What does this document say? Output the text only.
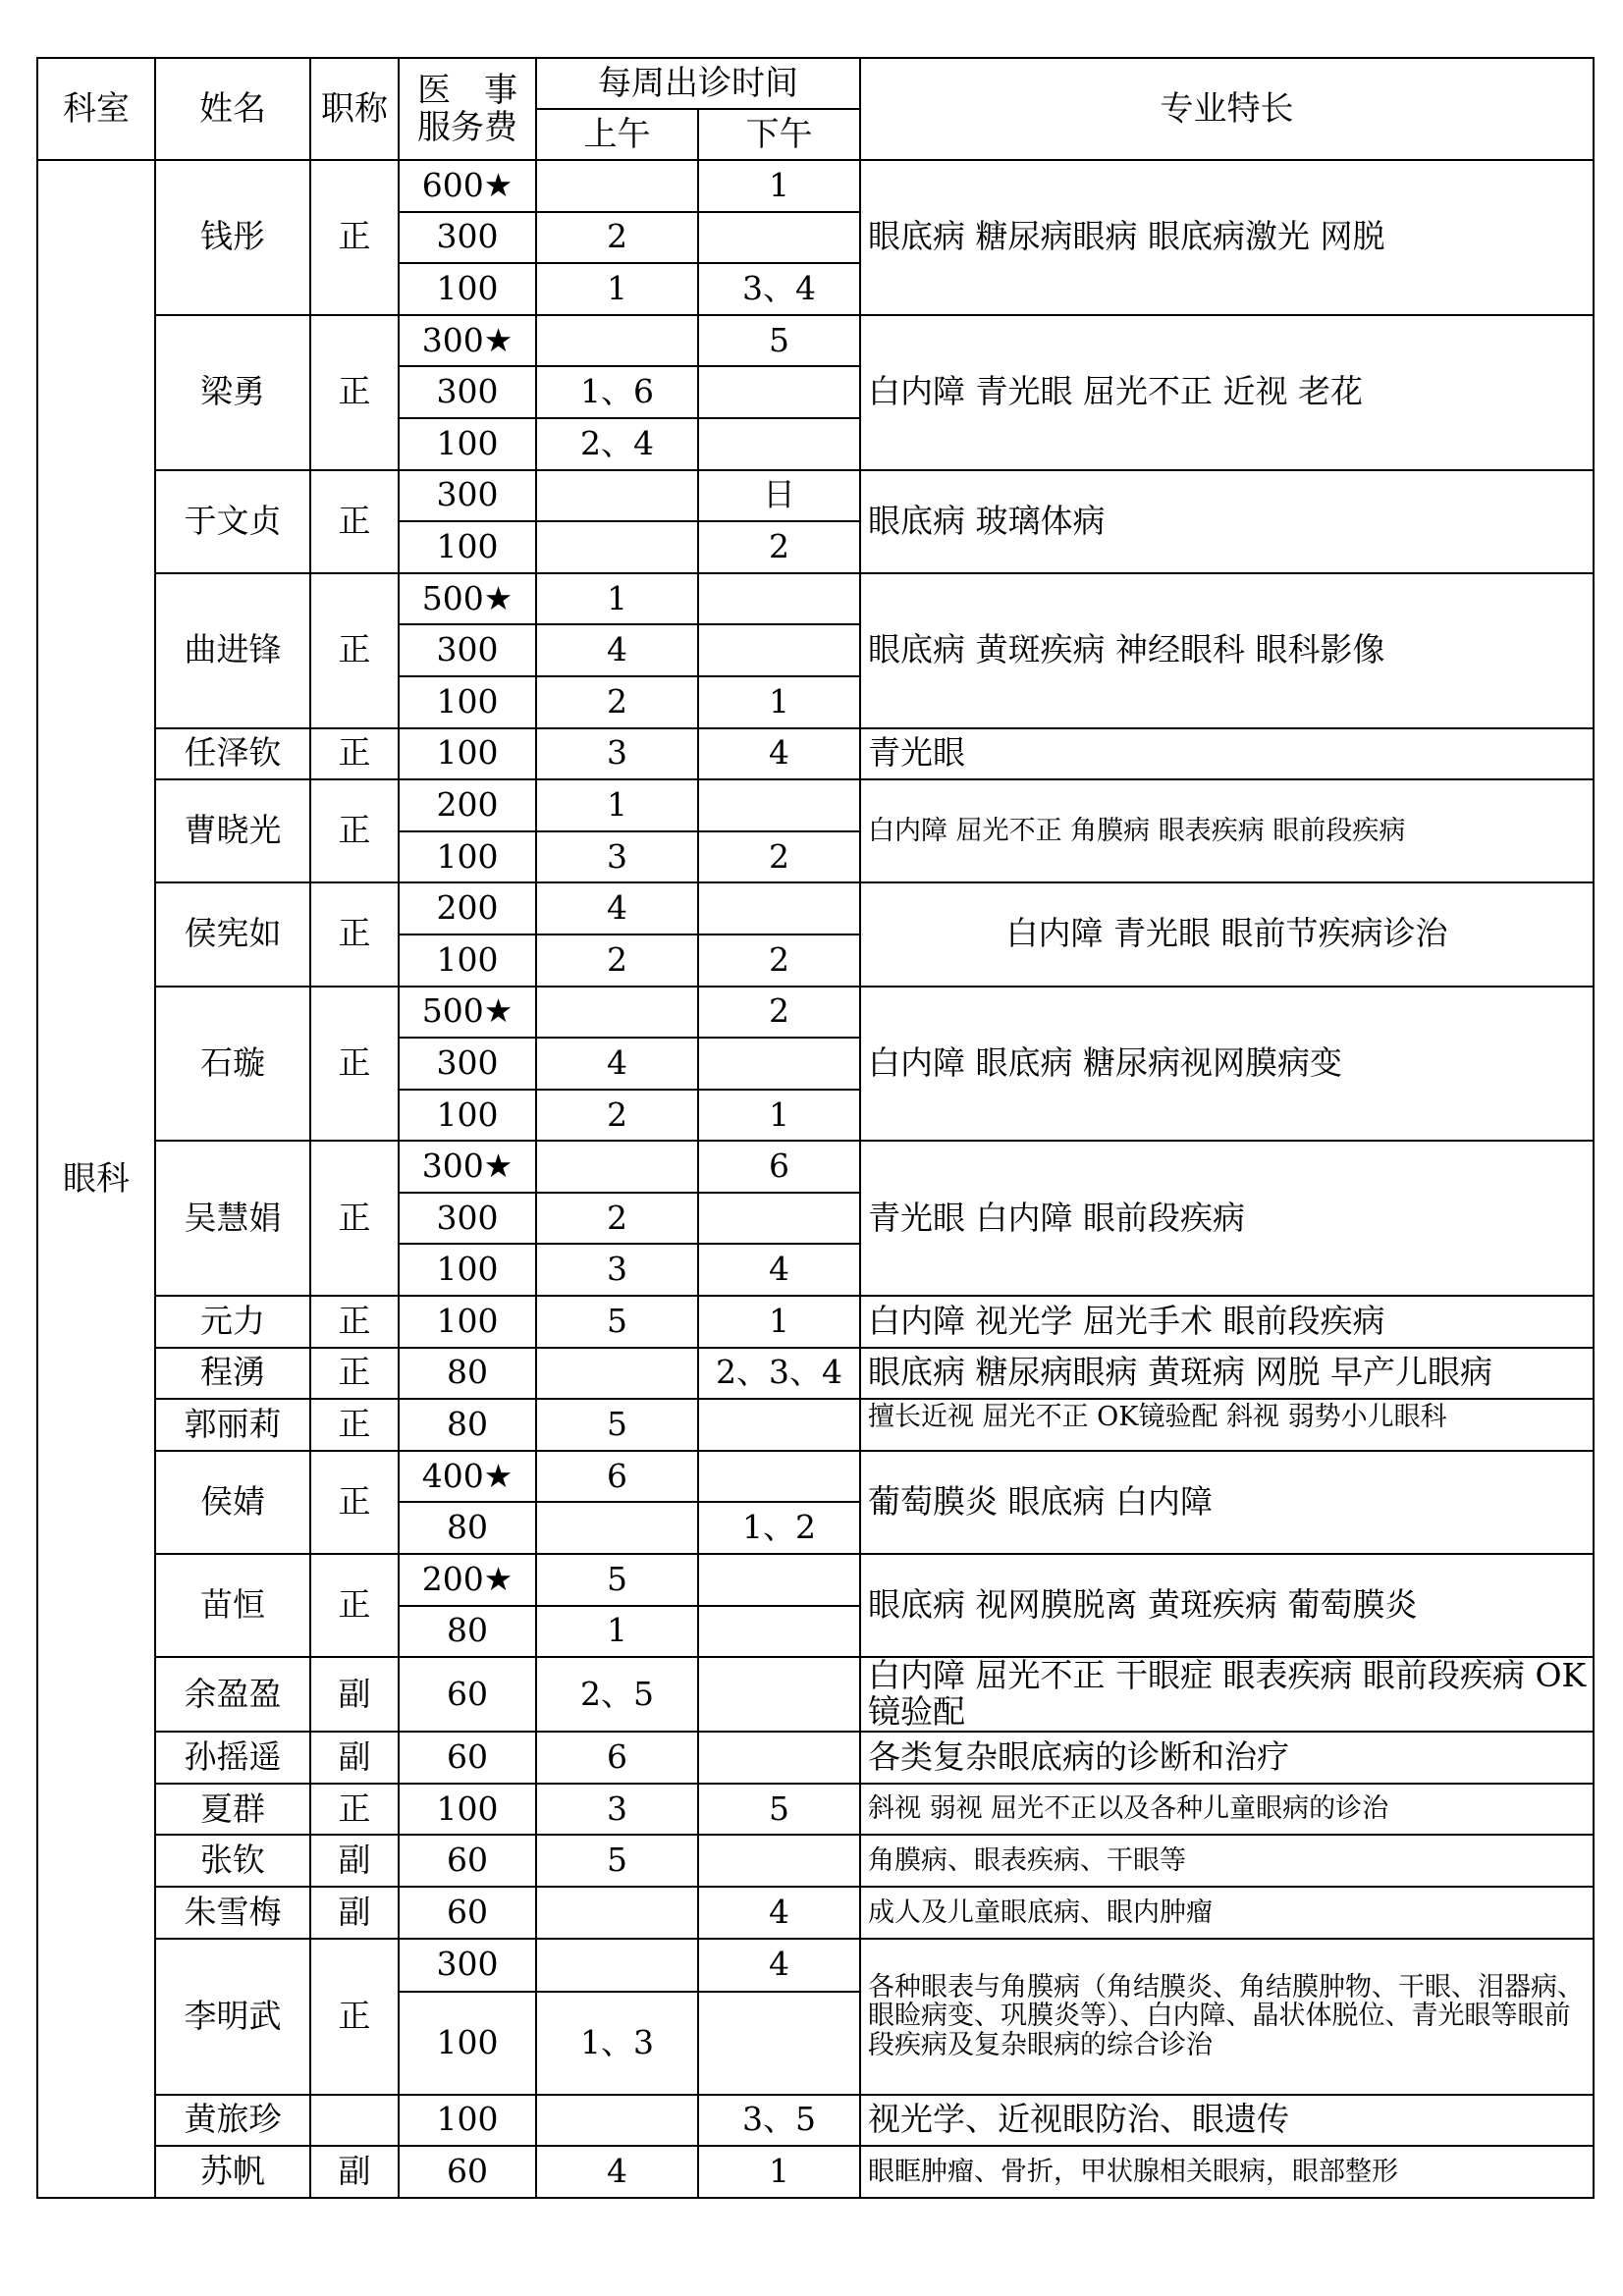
科室	姓名	职称	医　事
服务费	每周出诊时间		专业特长
				上午	下午	
眼科	钱彤	正	600★		1	眼底病 糖尿病眼病 眼底病激光 网脱
			300	2		
			100	1	3、4	
	梁勇	正	300★		5	白内障 青光眼 屈光不正 近视 老花
			300	1、6		
			100	2、4		
	于文贞	正	300		日	眼底病 玻璃体病
			100		2	
	曲进锋	正	500★	1		眼底病 黄斑疾病 神经眼科 眼科影像
			300	4		
			100	2	1	
	任泽钦	正	100	3	4	青光眼
	曹晓光	正	200	1		白内障 屈光不正 角膜病 眼表疾病 眼前段疾病
			100	3	2	
	侯宪如	正	200	4		白内障 青光眼 眼前节疾病诊治
			100	2	2	
	石璇	正	500★		2	白内障 眼底病 糖尿病视网膜病变
			300	4		
			100	2	1	
	吴慧娟	正	300★		6	青光眼 白内障 眼前段疾病
			300	2		
			100	3	4	
	元力	正	100	5	1	白内障 视光学 屈光手术 眼前段疾病
	程湧	正	80		2、3、4	眼底病 糖尿病眼病 黄斑病 网脱 早产儿眼病
	郭丽莉	正	80	5		擅长近视 屈光不正 OK镜验配 斜视 弱势小儿眼科

	侯婧	正	400★	6		葡萄膜炎 眼底病 白内障
			80		1、2	
	苗恒	正	200★	5		眼底病 视网膜脱离 黄斑疾病 葡萄膜炎
			80	1		
	余盈盈	副	60	2、5		白内障 屈光不正 干眼症 眼表疾病 眼前段疾病 OK镜验配
	孙摇遥	副	60	6		各类复杂眼底病的诊断和治疗
	夏群	正	100	3	5	斜视 弱视 屈光不正以及各种儿童眼病的诊治
	张钦	副	60	5		角膜病、眼表疾病、干眼等
	朱雪梅	副	60		4	成人及儿童眼底病、眼内肿瘤
	李明武	正	300		4	各种眼表与角膜病（角结膜炎、角结膜肿物、干眼、泪器病、眼睑病变、巩膜炎等）、白内障、晶状体脱位、青光眼等眼前段疾病及复杂眼病的综合诊治
			100	1、3		
	黄旅珍		100		3、5	视光学、近视眼防治、眼遗传
	苏帆	副	60	4	1	眼眶肿瘤、骨折，甲状腺相关眼病，眼部整形
